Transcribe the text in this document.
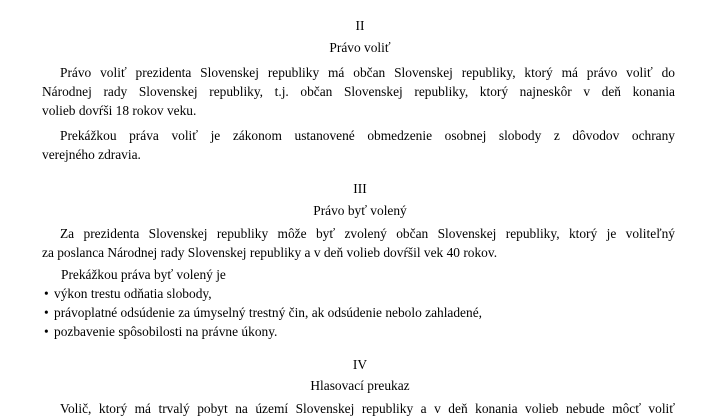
II
Právo voliť
Právo voliť prezidenta Slovenskej republiky má občan Slovenskej republiky, ktorý má právo voliť do
Národnej rady Slovenskej republiky, t.j. občan Slovenskej republiky, ktorý najneskôr v deň konania
volieb dovŕši 18 rokov veku.
Prekážkou práva voliť je zákonom ustanovené obmedzenie osobnej slobody z dôvodov ochrany
verejného zdravia.
III
Právo byť volený
Za prezidenta Slovenskej republiky môže byť zvolený občan Slovenskej republiky, ktorý je voliteľný
za poslanca Národnej rady Slovenskej republiky a v deň volieb dovŕšil vek 40 rokov.
Prekážkou práva byť volený je
• výkon trestu odňatia slobody,
• právoplatné odsúdenie za úmyselný trestný čin, ak odsúdenie nebolo zahladené,
• pozbavenie spôsobilosti na právne úkony.
IV
Hlasovací preukaz
Volič, ktorý má trvalý pobyt na území Slovenskej republiky a v deň konania volieb nebude môcť voliť
